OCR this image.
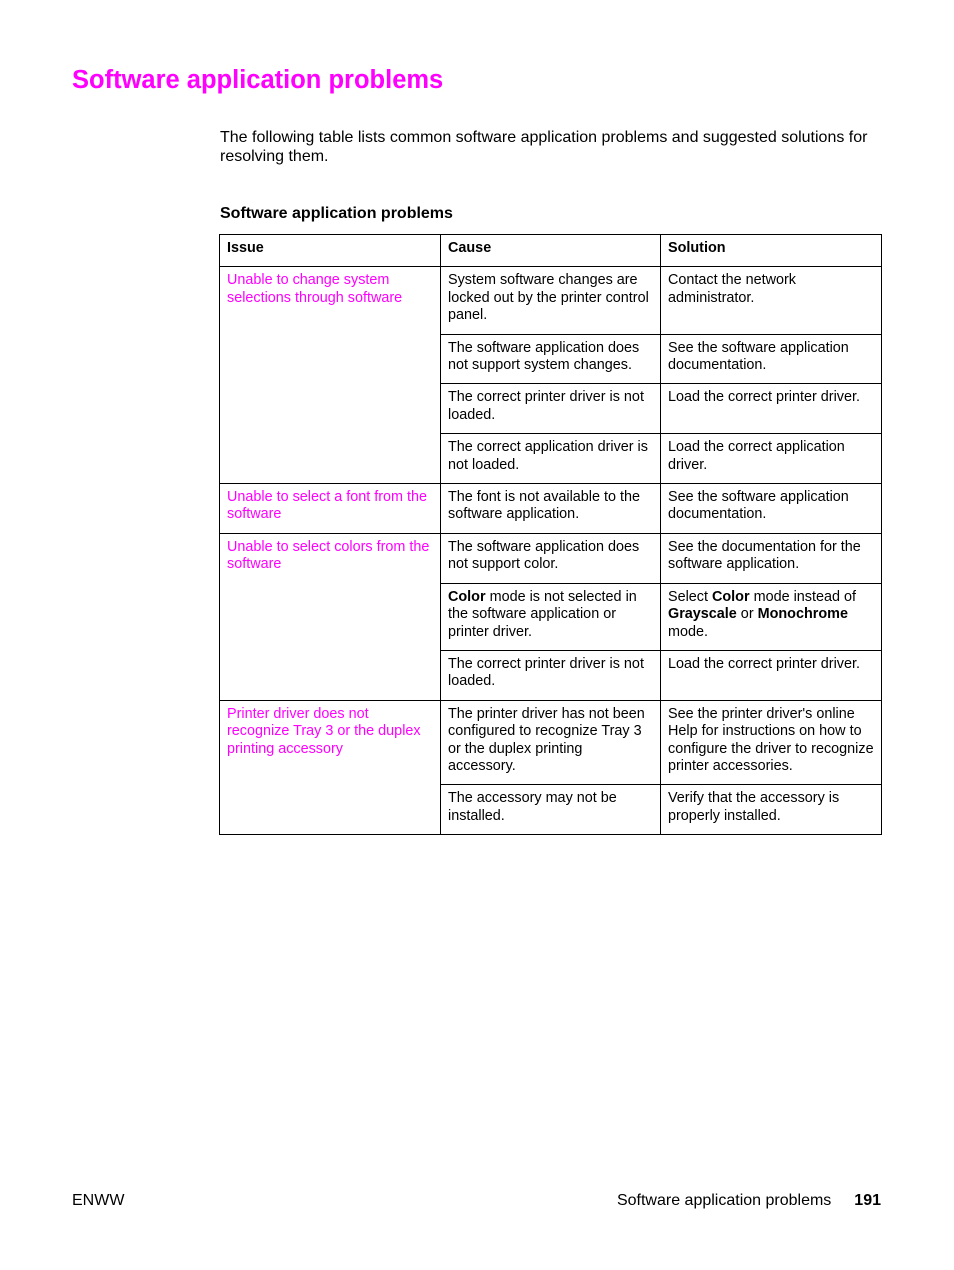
Software application problems

The following table lists common software application problems and suggested solutions for resolving them.

Software application problems

Issue	Cause	Solution
Unable to change system selections through software	System software changes are locked out by the printer control panel.	Contact the network administrator.
	The software application does not support system changes.	See the software application documentation.
	The correct printer driver is not loaded.	Load the correct printer driver.
	The correct application driver is not loaded.	Load the correct application driver.
Unable to select a font from the software	The font is not available to the software application.	See the software application documentation.
Unable to select colors from the software	The software application does not support color.	See the documentation for the software application.
	Color mode is not selected in the software application or printer driver.	Select Color mode instead of Grayscale or Monochrome mode.
	The correct printer driver is not loaded.	Load the correct printer driver.
Printer driver does not recognize Tray 3 or the duplex printing accessory	The printer driver has not been configured to recognize Tray 3 or the duplex printing accessory.	See the printer driver's online Help for instructions on how to configure the driver to recognize printer accessories.
	The accessory may not be installed.	Verify that the accessory is properly installed.
ENWW	Software application problems 191
